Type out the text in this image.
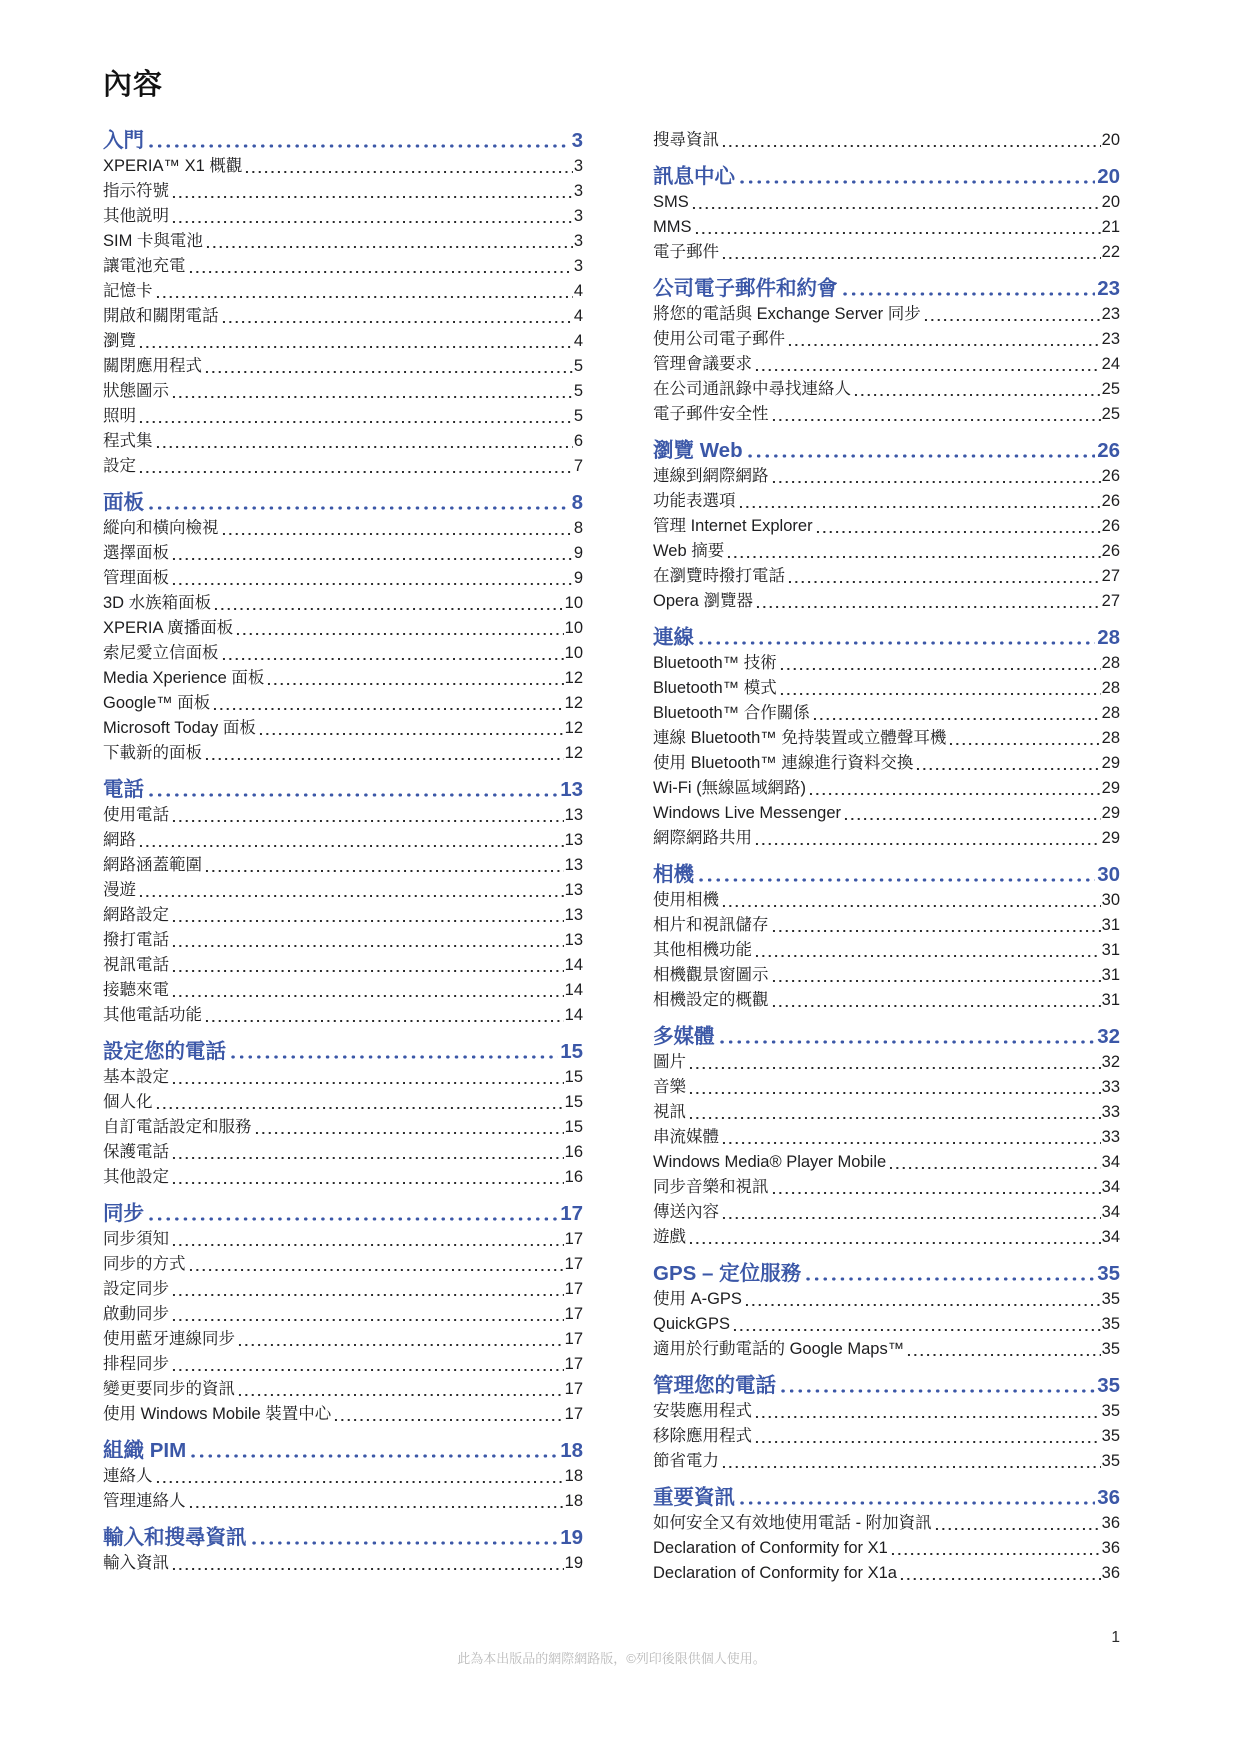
內容
入門	3
XPERIA™ X1 概觀	3
指示符號	3
其他説明	3
SIM 卡與電池	3
讓電池充電	3
記憶卡	4
開啟和關閉電話	4
瀏覽	4
關閉應用程式	5
狀態圖示	5
照明	5
程式集	6
設定	7
面板	8
縱向和橫向檢視	8
選擇面板	9
管理面板	9
3D 水族箱面板	10
XPERIA 廣播面板	10
索尼愛立信面板	10
Media Xperience 面板	12
Google™ 面板	12
Microsoft Today 面板	12
下載新的面板	12
電話	13
使用電話	13
網路	13
網路涵蓋範圍	13
漫遊	13
網路設定	13
撥打電話	13
視訊電話	14
接聽來電	14
其他電話功能	14
設定您的電話	15
基本設定	15
個人化	15
自訂電話設定和服務	15
保護電話	16
其他設定	16
同步	17
同步須知	17
同步的方式	17
設定同步	17
啟動同步	17
使用藍牙連線同步	17
排程同步	17
變更要同步的資訊	17
使用 Windows Mobile 裝置中心	17
組織 PIM	18
連絡人	18
管理連絡人	18
輸入和搜尋資訊	19
輸入資訊	19
搜尋資訊	20
訊息中心	20
SMS	20
MMS	21
電子郵件	22
公司電子郵件和約會	23
將您的電話與 Exchange Server 同步	23
使用公司電子郵件	23
管理會議要求	24
在公司通訊錄中尋找連絡人	25
電子郵件安全性	25
瀏覽 Web	26
連線到網際網路	26
功能表選項	26
管理 Internet Explorer	26
Web 摘要	26
在瀏覽時撥打電話	27
Opera 瀏覽器	27
連線	28
Bluetooth™ 技術	28
Bluetooth™ 模式	28
Bluetooth™ 合作關係	28
連線 Bluetooth™ 免持裝置或立體聲耳機	28
使用 Bluetooth™ 連線進行資料交換	29
Wi-Fi (無線區域網路)	29
Windows Live Messenger	29
網際網路共用	29
相機	30
使用相機	30
相片和視訊儲存	31
其他相機功能	31
相機觀景窗圖示	31
相機設定的概觀	31
多媒體	32
圖片	32
音樂	33
視訊	33
串流媒體	33
Windows Media® Player Mobile	34
同步音樂和視訊	34
傳送內容	34
遊戲	34
GPS – 定位服務	35
使用 A-GPS	35
QuickGPS	35
適用於行動電話的 Google Maps™	35
管理您的電話	35
安裝應用程式	35
移除應用程式	35
節省電力	35
重要資訊	36
如何安全又有效地使用電話 - 附加資訊	36
Declaration of Conformity for X1	36
Declaration of Conformity for X1a	36
1
此為本出版品的網際網路版，©列印後限供個人使用。
